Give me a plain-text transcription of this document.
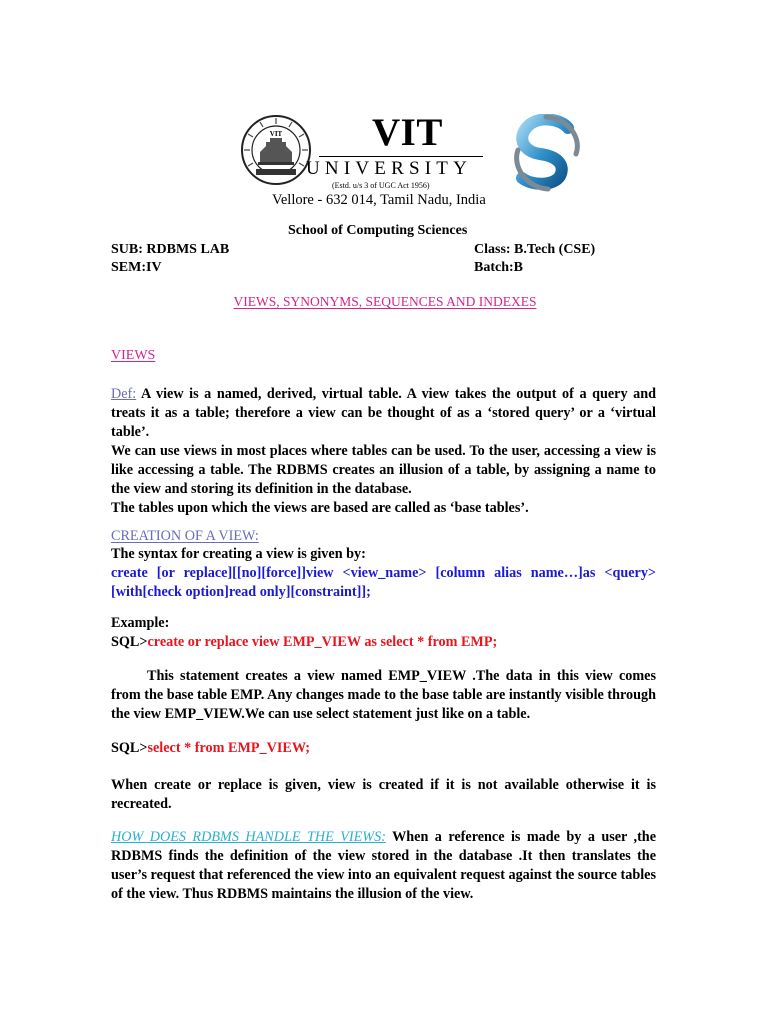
VIT VIT
UNIVERSITY
(Estd. u/s 3 of UGC Act 1956)
Vellore - 632 014, Tamil Nadu, India
School of Computing Sciences
SUB: RDBMS LAB	Class: B.Tech (CSE)
SEM:IV	Batch:B
VIEWS, SYNONYMS, SEQUENCES AND INDEXES
VIEWS
Def: A view is a named, derived, virtual table. A view takes the output of a query and treats it as a table; therefore a view can be thought of as a ‘stored query’ or a ‘virtual table’.
We can use views in most places where tables can be used. To the user, accessing a view is like accessing a table. The RDBMS creates an illusion of a table, by assigning a name to the view and storing its definition in the database.
The tables upon which the views are based are called as ‘base tables’.
CREATION OF A VIEW:
The syntax for creating a view is given by:
create [or replace][[no][force]]view <view_name> [column alias name…]as <query>[with[check option]read only][constraint]];
Example:
SQL>create or replace view EMP_VIEW as select * from EMP;
This statement creates a view named EMP_VIEW .The data in this view comes from the base table EMP. Any changes made to the base table are instantly visible through the view EMP_VIEW.We can use select statement just like on a table.
SQL>select * from EMP_VIEW;
When create or replace is given, view is created if it is not available otherwise it is recreated.
HOW DOES RDBMS HANDLE THE VIEWS: When a reference is made by a user ,the RDBMS finds the definition of the view stored in the database .It then translates the user’s request that referenced the view into an equivalent request against the source tables of the view. Thus RDBMS maintains the illusion of the view.
